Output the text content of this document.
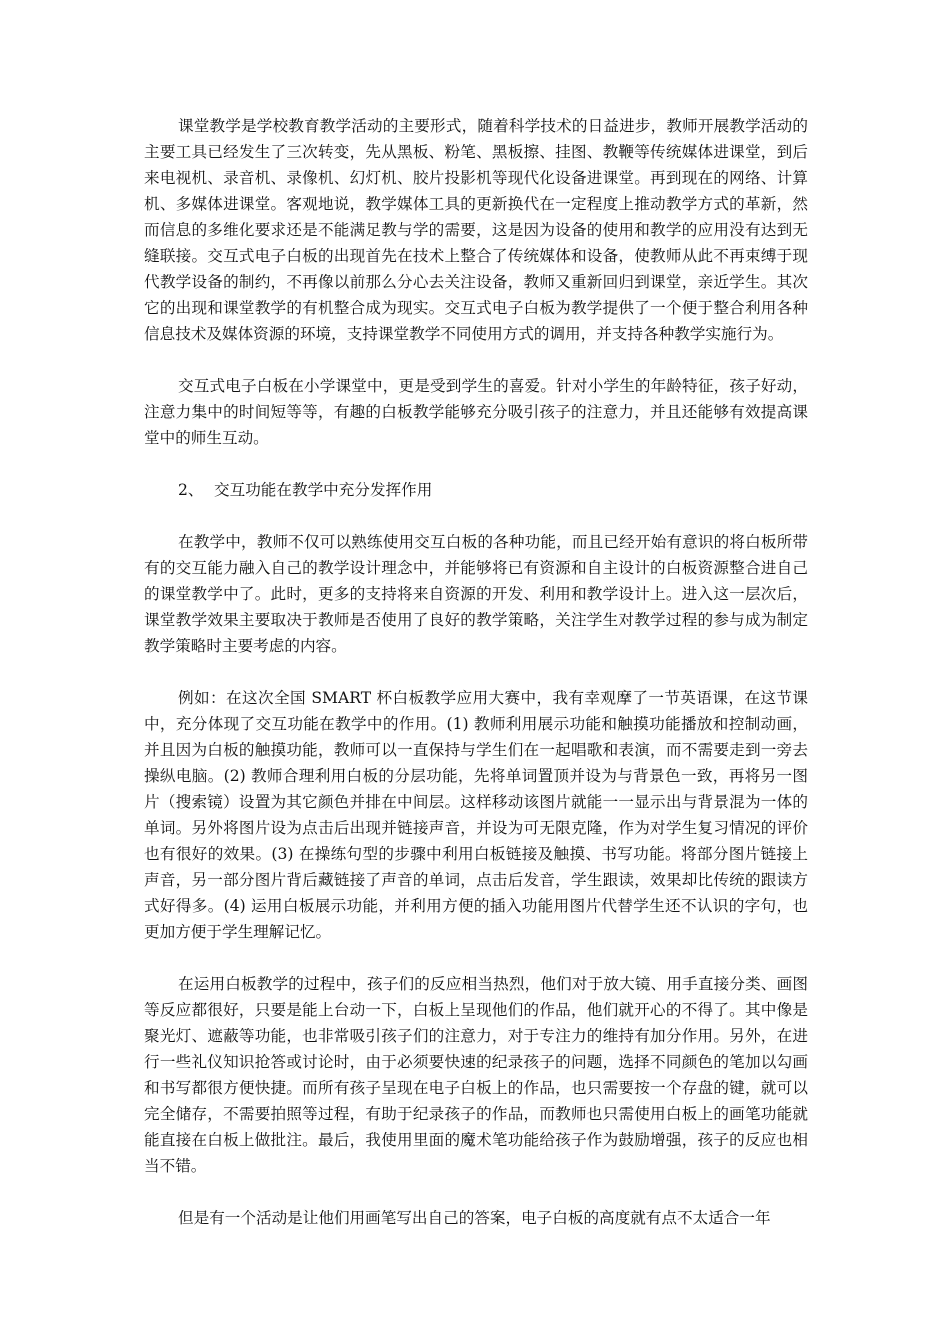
课堂教学是学校教育教学活动的主要形式，随着科学技术的日益进步，教师开展教学活动的主要工具已经发生了三次转变，先从黑板、粉笔、黑板擦、挂图、教鞭等传统媒体进课堂，到后来电视机、录音机、录像机、幻灯机、胶片投影机等现代化设备进课堂。再到现在的网络、计算机、多媒体进课堂。客观地说，教学媒体工具的更新换代在一定程度上推动教学方式的革新，然而信息的多维化要求还是不能满足教与学的需要，这是因为设备的使用和教学的应用没有达到无缝联接。交互式电子白板的出现首先在技术上整合了传统媒体和设备，使教师从此不再束缚于现代教学设备的制约，不再像以前那么分心去关注设备，教师又重新回归到课堂，亲近学生。其次它的出现和课堂教学的有机整合成为现实。交互式电子白板为教学提供了一个便于整合利用各种信息技术及媒体资源的环境，支持课堂教学不同使用方式的调用，并支持各种教学实施行为。

交互式电子白板在小学课堂中，更是受到学生的喜爱。针对小学生的年龄特征，孩子好动，注意力集中的时间短等等，有趣的白板教学能够充分吸引孩子的注意力，并且还能够有效提高课堂中的师生互动。

2、 交互功能在教学中充分发挥作用

在教学中，教师不仅可以熟练使用交互白板的各种功能，而且已经开始有意识的将白板所带有的交互能力融入自己的教学设计理念中，并能够将已有资源和自主设计的白板资源整合进自己的课堂教学中了。此时，更多的支持将来自资源的开发、利用和教学设计上。进入这一层次后，课堂教学效果主要取决于教师是否使用了良好的教学策略，关注学生对教学过程的参与成为制定教学策略时主要考虑的内容。

例如：在这次全国 SMART 杯白板教学应用大赛中，我有幸观摩了一节英语课，在这节课中，充分体现了交互功能在教学中的作用。(1) 教师利用展示功能和触摸功能播放和控制动画，并且因为白板的触摸功能，教师可以一直保持与学生们在一起唱歌和表演，而不需要走到一旁去操纵电脑。(2) 教师合理利用白板的分层功能，先将单词置顶并设为与背景色一致，再将另一图片（搜索镜）设置为其它颜色并排在中间层。这样移动该图片就能一一显示出与背景混为一体的单词。另外将图片设为点击后出现并链接声音，并设为可无限克隆，作为对学生复习情况的评价也有很好的效果。(3) 在操练句型的步骤中利用白板链接及触摸、书写功能。将部分图片链接上声音，另一部分图片背后藏链接了声音的单词，点击后发音，学生跟读，效果却比传统的跟读方式好得多。(4) 运用白板展示功能，并利用方便的插入功能用图片代替学生还不认识的字句，也更加方便于学生理解记忆。

在运用白板教学的过程中，孩子们的反应相当热烈，他们对于放大镜、用手直接分类、画图等反应都很好，只要是能上台动一下，白板上呈现他们的作品，他们就开心的不得了。其中像是聚光灯、遮蔽等功能，也非常吸引孩子们的注意力，对于专注力的维持有加分作用。另外，在进行一些礼仪知识抢答或讨论时，由于必须要快速的纪录孩子的问题，选择不同颜色的笔加以勾画和书写都很方便快捷。而所有孩子呈现在电子白板上的作品，也只需要按一个存盘的键，就可以完全储存，不需要拍照等过程，有助于纪录孩子的作品，而教师也只需使用白板上的画笔功能就能直接在白板上做批注。最后，我使用里面的魔术笔功能给孩子作为鼓励增强，孩子的反应也相当不错。

但是有一个活动是让他们用画笔写出自己的答案，电子白板的高度就有点不太适合一年
